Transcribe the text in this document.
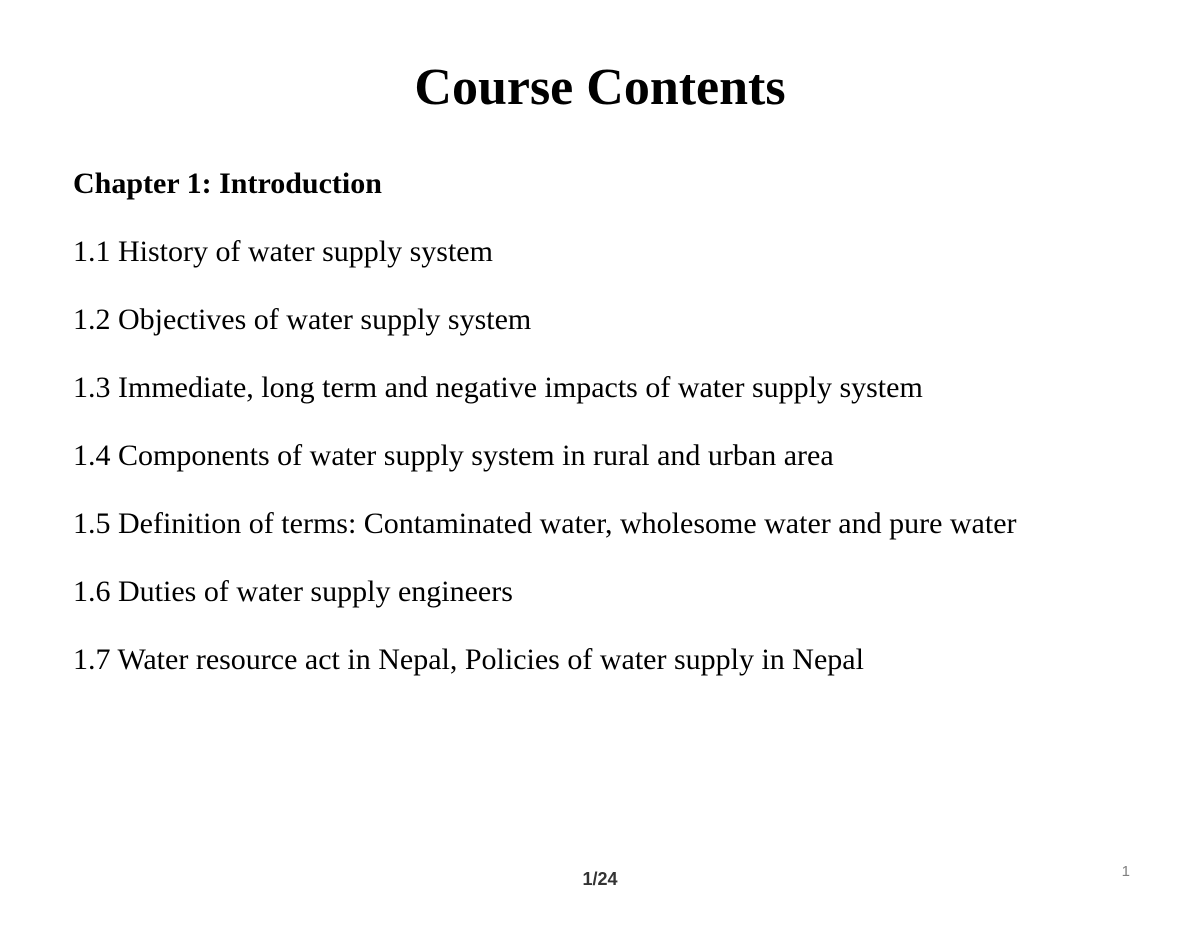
Course Contents
Chapter 1: Introduction
1.1 History of water supply system
1.2 Objectives of water supply system
1.3 Immediate, long term and negative impacts of water supply system
1.4 Components of water supply system in rural and urban area
1.5 Definition of terms: Contaminated water, wholesome water and pure water
1.6 Duties of water supply engineers
1.7 Water resource act in Nepal, Policies of water supply in Nepal
1/24	1
